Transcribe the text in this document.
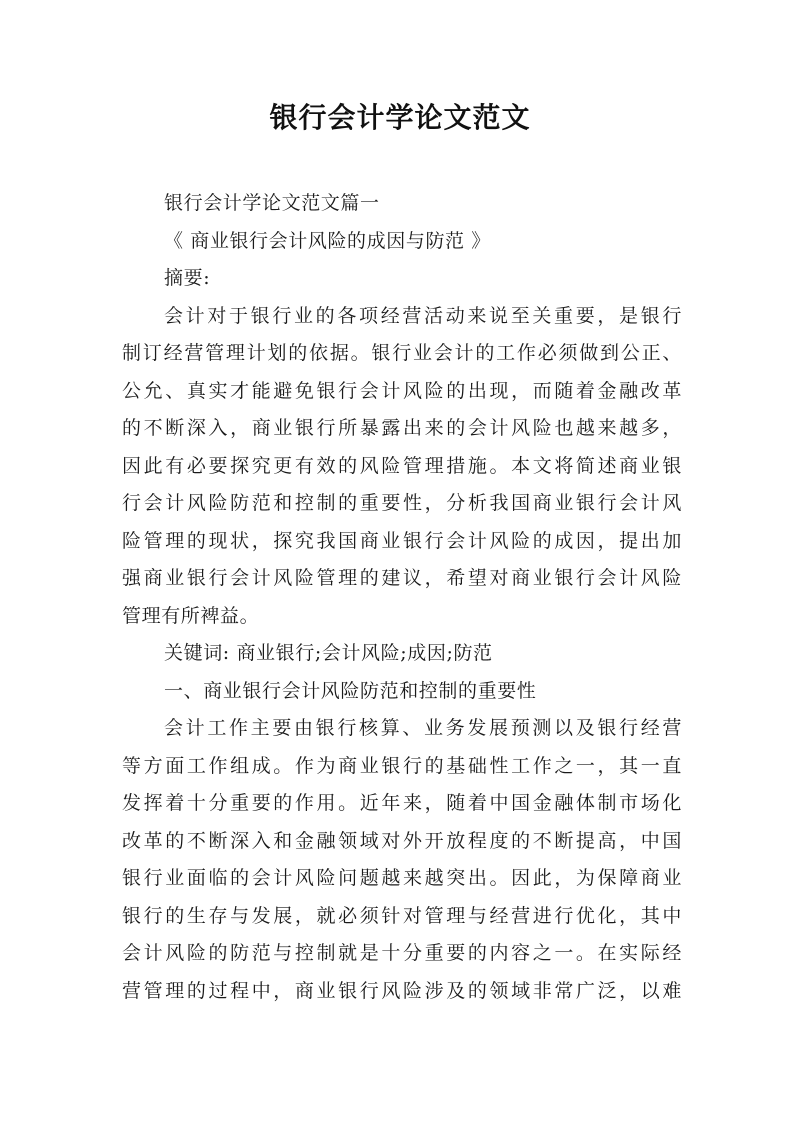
银行会计学论文范文
银行会计学论文范文篇一
《 商业银行会计风险的成因与防范 》
摘要:
会计对于银行业的各项经营活动来说至关重要，是银行
制订经营管理计划的依据。银行业会计的工作必须做到公正、
公允、真实才能避免银行会计风险的出现，而随着金融改革
的不断深入，商业银行所暴露出来的会计风险也越来越多，
因此有必要探究更有效的风险管理措施。本文将简述商业银
行会计风险防范和控制的重要性，分析我国商业银行会计风
险管理的现状，探究我国商业银行会计风险的成因，提出加
强商业银行会计风险管理的建议，希望对商业银行会计风险
管理有所裨益。
关键词: 商业银行;会计风险;成因;防范
一、商业银行会计风险防范和控制的重要性
会计工作主要由银行核算、业务发展预测以及银行经营
等方面工作组成。作为商业银行的基础性工作之一，其一直
发挥着十分重要的作用。近年来，随着中国金融体制市场化
改革的不断深入和金融领域对外开放程度的不断提高，中国
银行业面临的会计风险问题越来越突出。因此，为保障商业
银行的生存与发展，就必须针对管理与经营进行优化，其中
会计风险的防范与控制就是十分重要的内容之一。在实际经
营管理的过程中，商业银行风险涉及的领域非常广泛，以难
